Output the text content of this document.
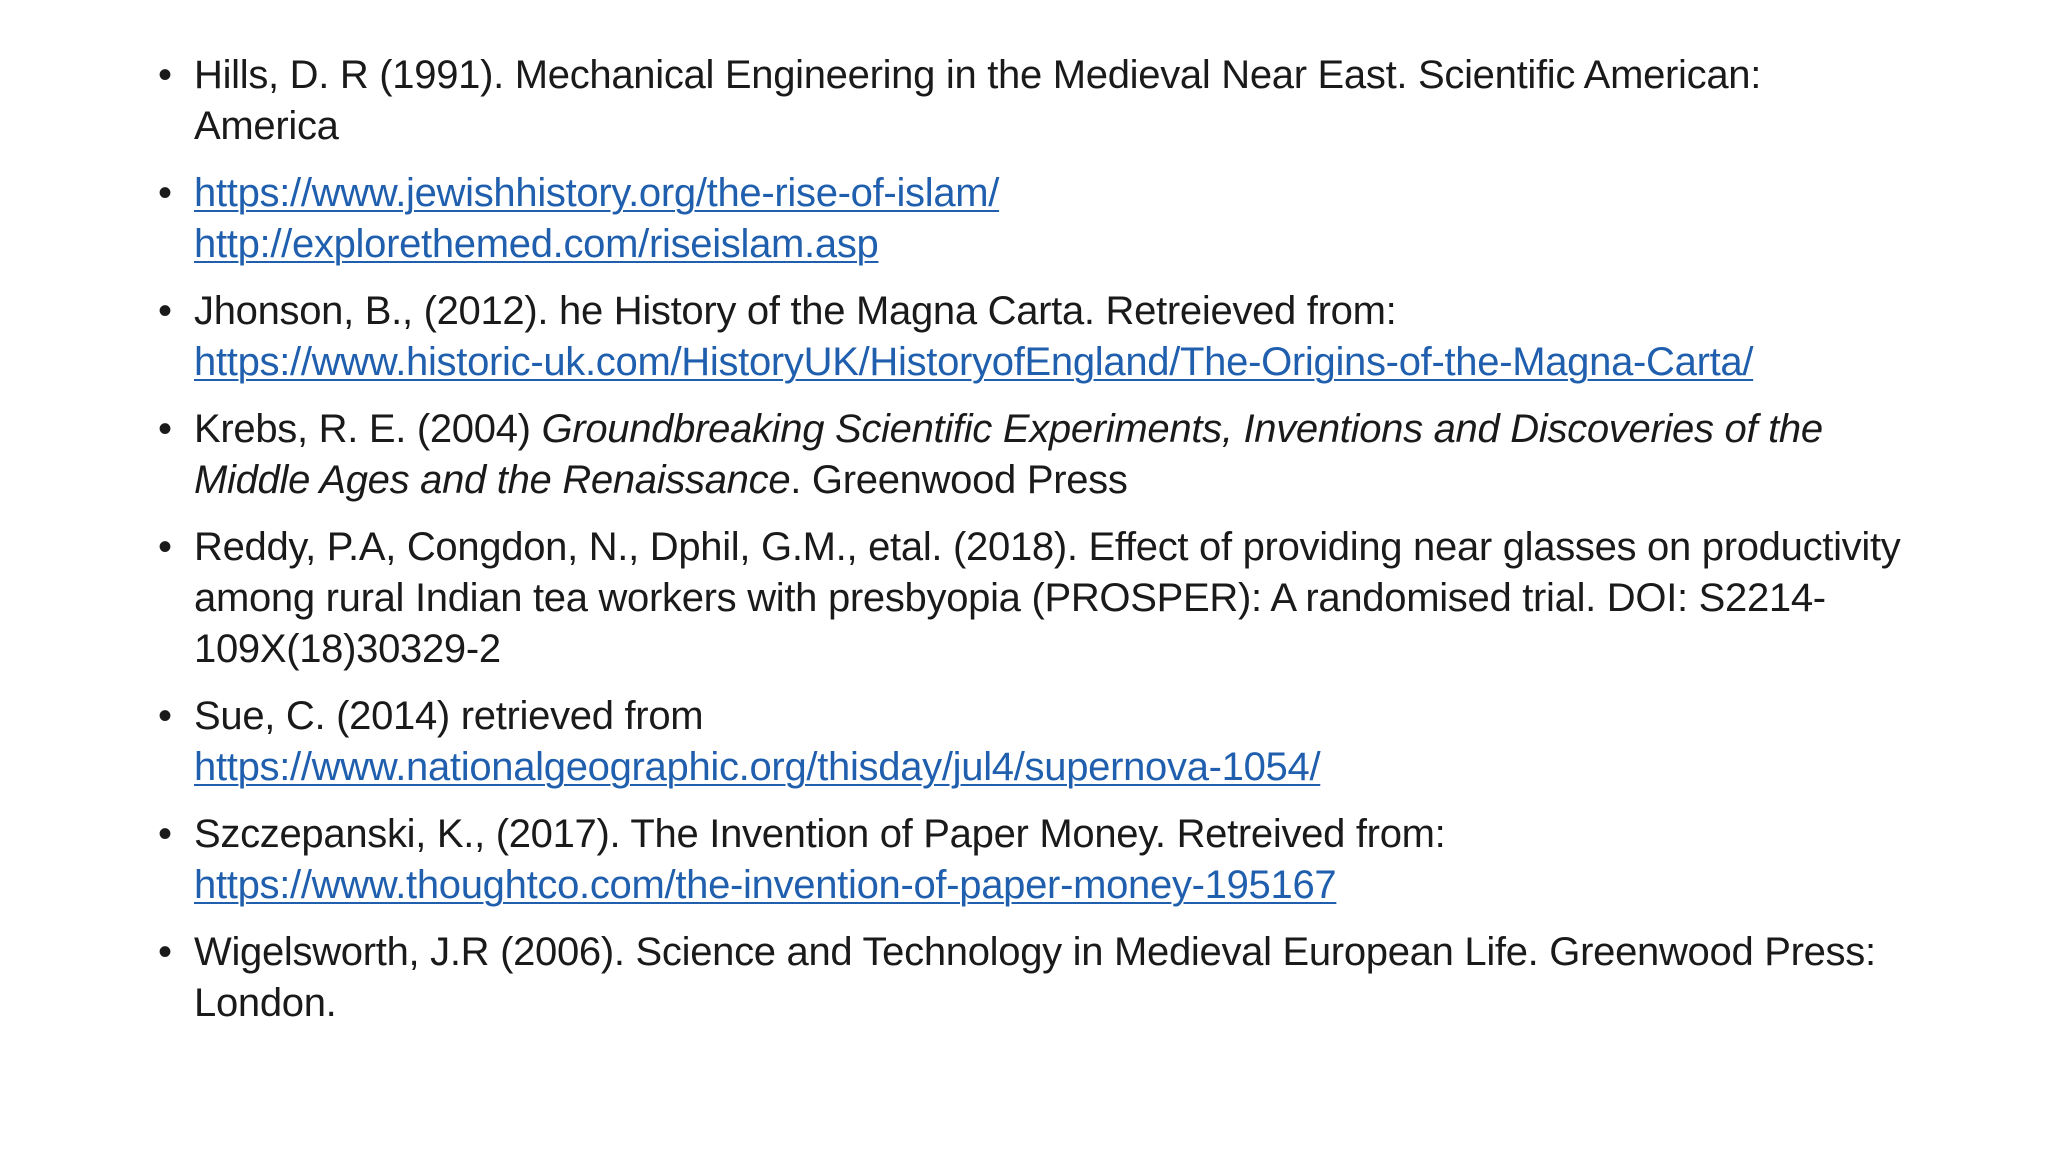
• Hills, D. R (1991). Mechanical Engineering in the Medieval Near East. Scientific American: America
• https://www.jewishhistory.org/the-rise-of-islam/
http://explorethemed.com/riseislam.asp
• Jhonson, B., (2012). he History of the Magna Carta. Retreieved from:
https://www.historic-uk.com/HistoryUK/HistoryofEngland/The-Origins-of-the-Magna-Carta/
• Krebs, R. E. (2004) Groundbreaking Scientific Experiments, Inventions and Discoveries of the Middle Ages and the Renaissance. Greenwood Press
• Reddy, P.A, Congdon, N., Dphil, G.M., etal. (2018). Effect of providing near glasses on productivity among rural Indian tea workers with presbyopia (PROSPER): A randomised trial. DOI: S2214-109X(18)30329-2
• Sue, C. (2014) retrieved from
https://www.nationalgeographic.org/thisday/jul4/supernova-1054/
• Szczepanski, K., (2017). The Invention of Paper Money. Retreived from:
https://www.thoughtco.com/the-invention-of-paper-money-195167
• Wigelsworth, J.R (2006). Science and Technology in Medieval European Life. Greenwood Press: London.
